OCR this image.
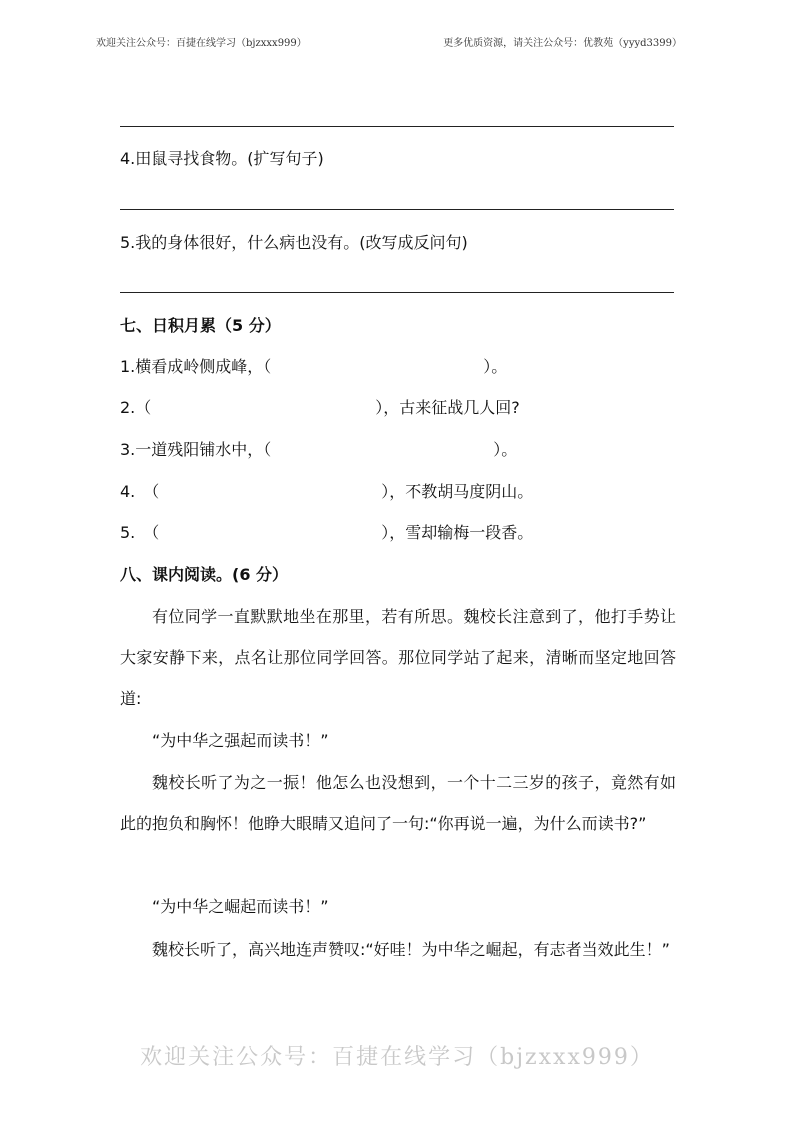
欢迎关注公众号：百捷在线学习（bjzxxx999）	更多优质资源，请关注公众号：优教苑（yyyd3399）
4.田鼠寻找食物。(扩写句子)
5.我的身体很好，什么病也没有。(改写成反问句)
七、日积月累（5 分）
1.横看成岭侧成峰，（	）。
2.（	），古来征战几人回?
3.一道残阳铺水中，（	）。
4.　（	），不教胡马度阴山。
5.　（	），雪却输梅一段香。
八、课内阅读。(6 分）
有位同学一直默默地坐在那里，若有所思。魏校长注意到了，他打手势让大家安静下来，点名让那位同学回答。那位同学站了起来，清晰而坚定地回答道:
“为中华之强起而读书！”
魏校长听了为之一振！他怎么也没想到，一个十二三岁的孩子，竟然有如此的抱负和胸怀！他睁大眼睛又追问了一句:“你再说一遍，为什么而读书?”
“为中华之崛起而读书！”
魏校长听了，高兴地连声赞叹:“好哇！为中华之崛起，有志者当效此生！”
欢迎关注公众号：百捷在线学习（bjzxxx999）
